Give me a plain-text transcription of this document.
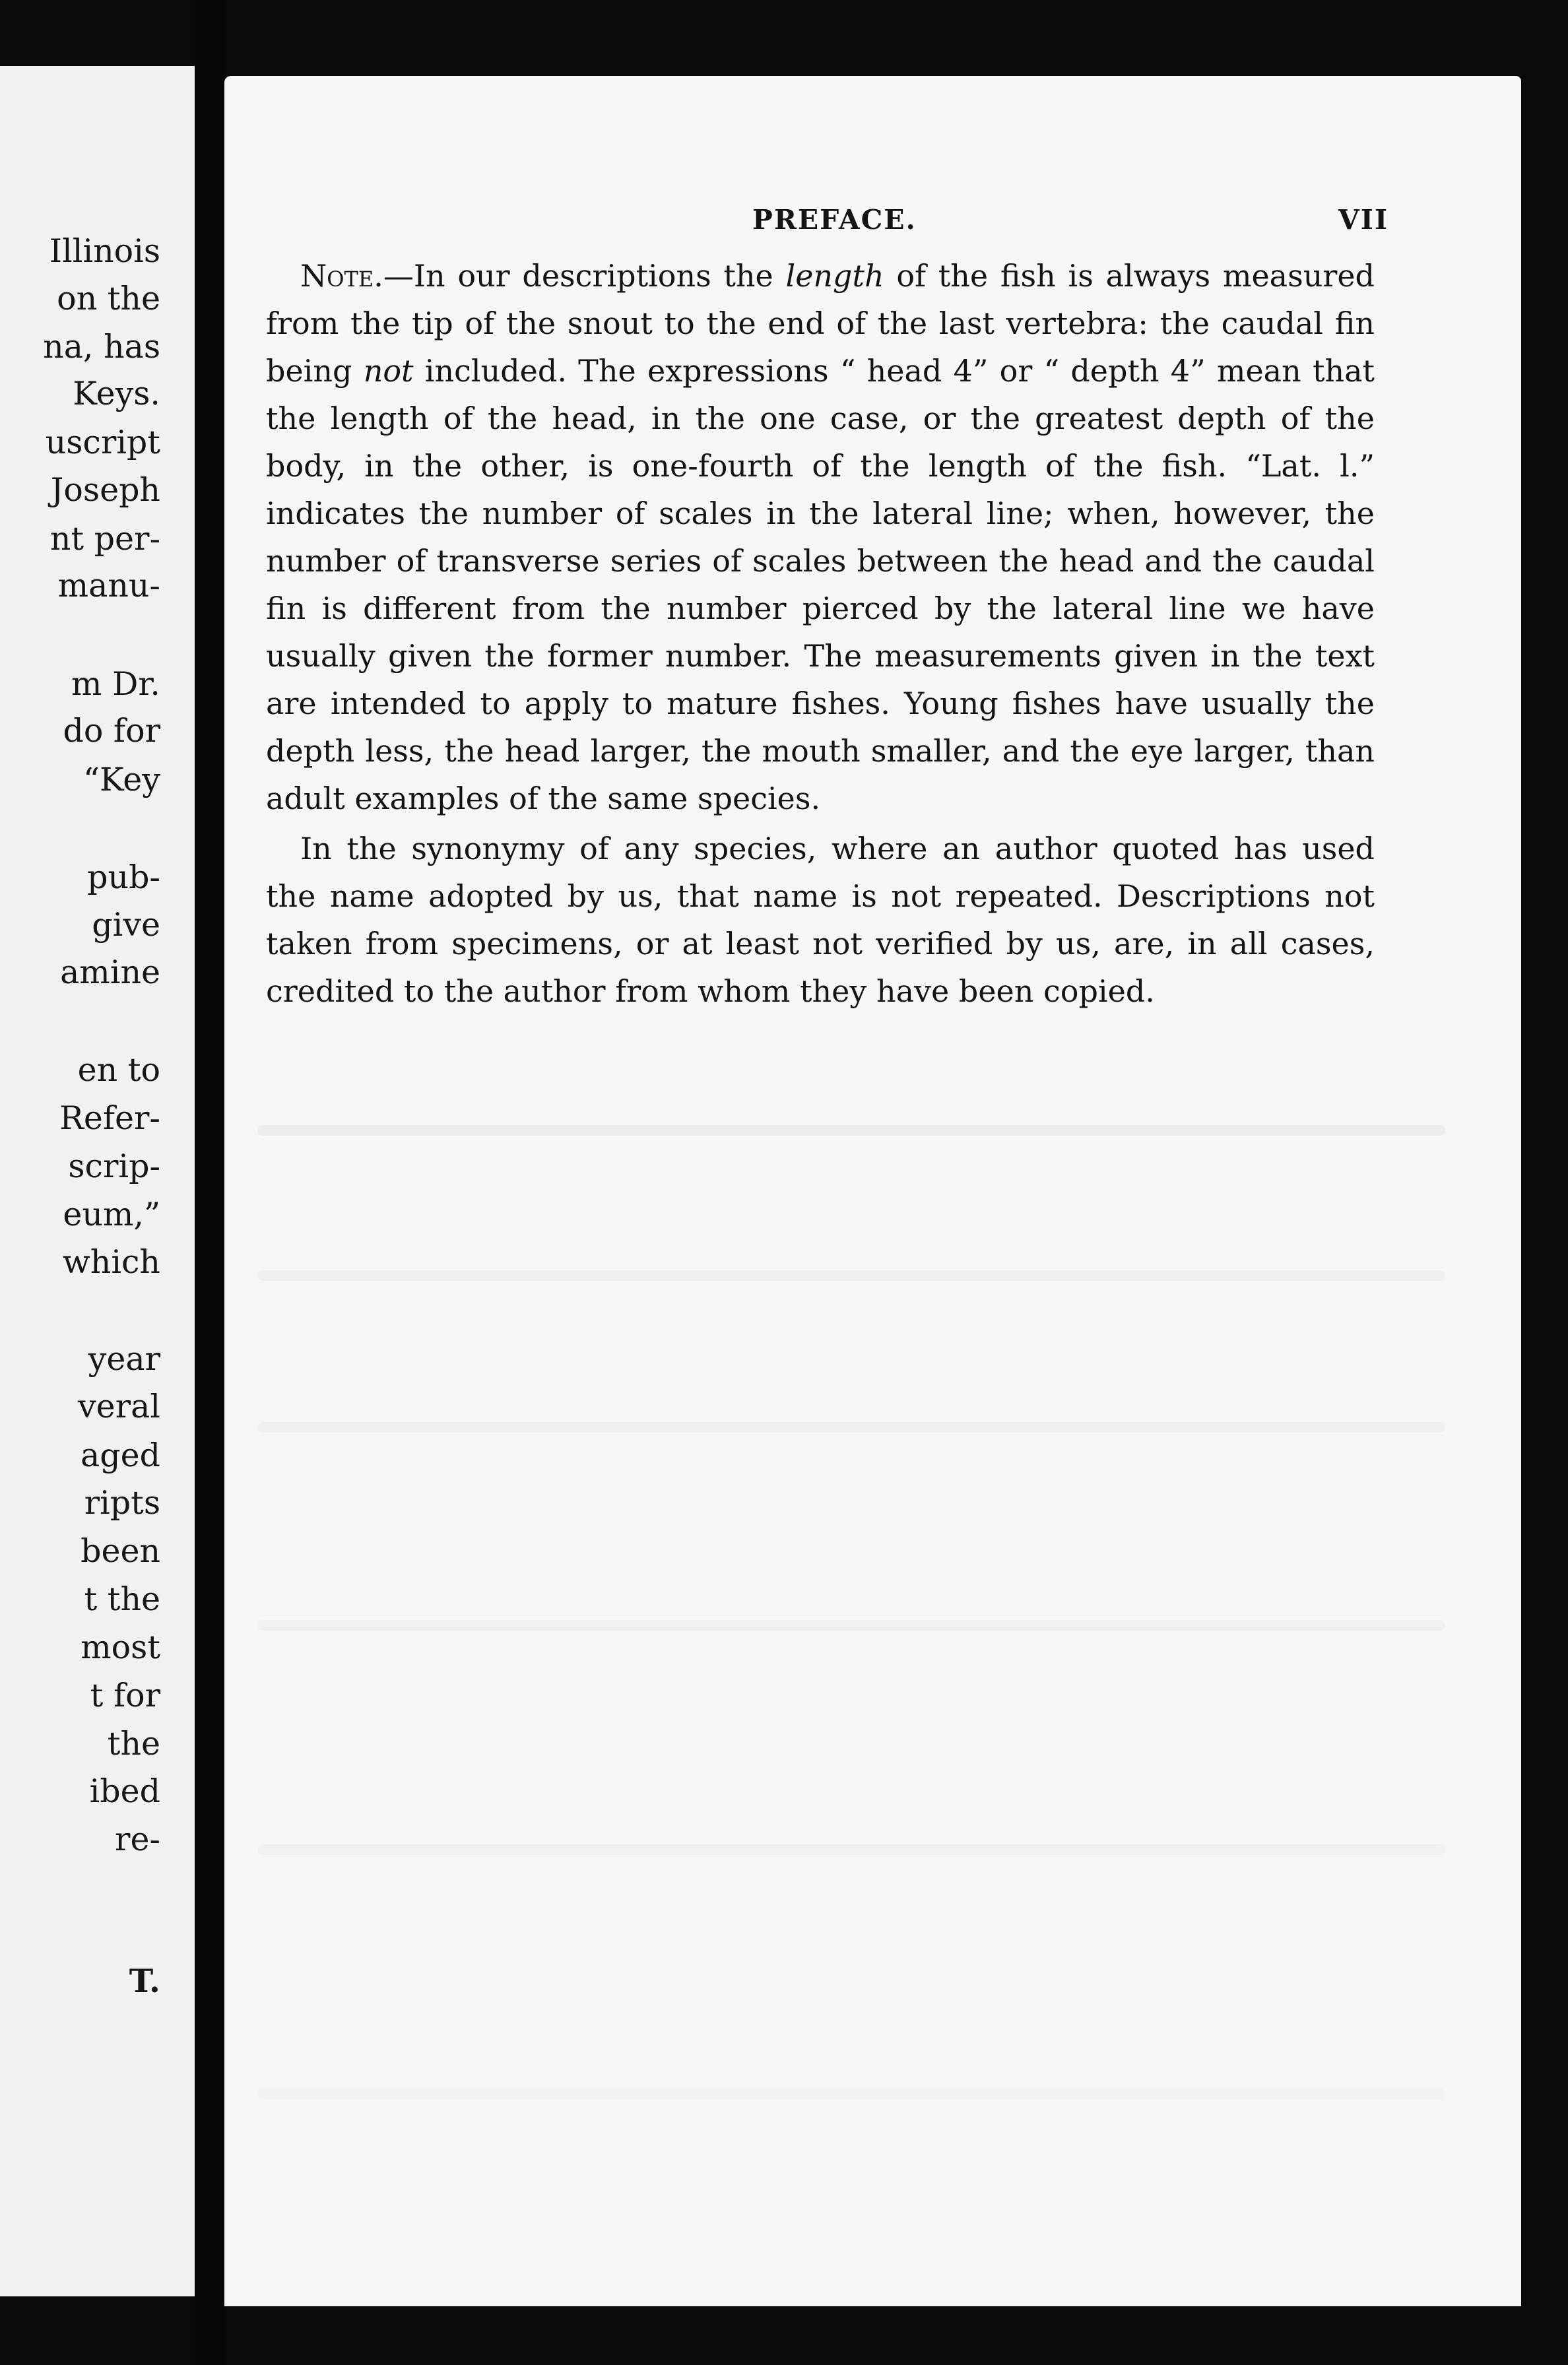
Illinois
on the
na, has
Keys.
uscript
Joseph
nt per-
manu-
m Dr.
do for
“Key
pub-
give
amine
en to
Refer-
scrip-
eum,”
which
year
veral
aged
ripts
been
t the
most
t for
the
ibed
re-
T.
PREFACE.	VII

Note.—In our descriptions the length of the fish is always measured from the tip of the snout to the end of the last vertebra: the caudal fin being not included. The expressions “ head 4” or “ depth 4” mean that the length of the head, in the one case, or the greatest depth of the body, in the other, is one-fourth of the length of the fish. “Lat. l.” indicates the number of scales in the lateral line; when, however, the number of transverse series of scales between the head and the caudal fin is different from the number pierced by the lateral line we have usually given the former number. The measurements given in the text are intended to apply to mature fishes. Young fishes have usually the depth less, the head larger, the mouth smaller, and the eye larger, than adult examples of the same species.

In the synonymy of any species, where an author quoted has used the name adopted by us, that name is not repeated. Descriptions not taken from specimens, or at least not verified by us, are, in all cases, credited to the author from whom they have been copied.
